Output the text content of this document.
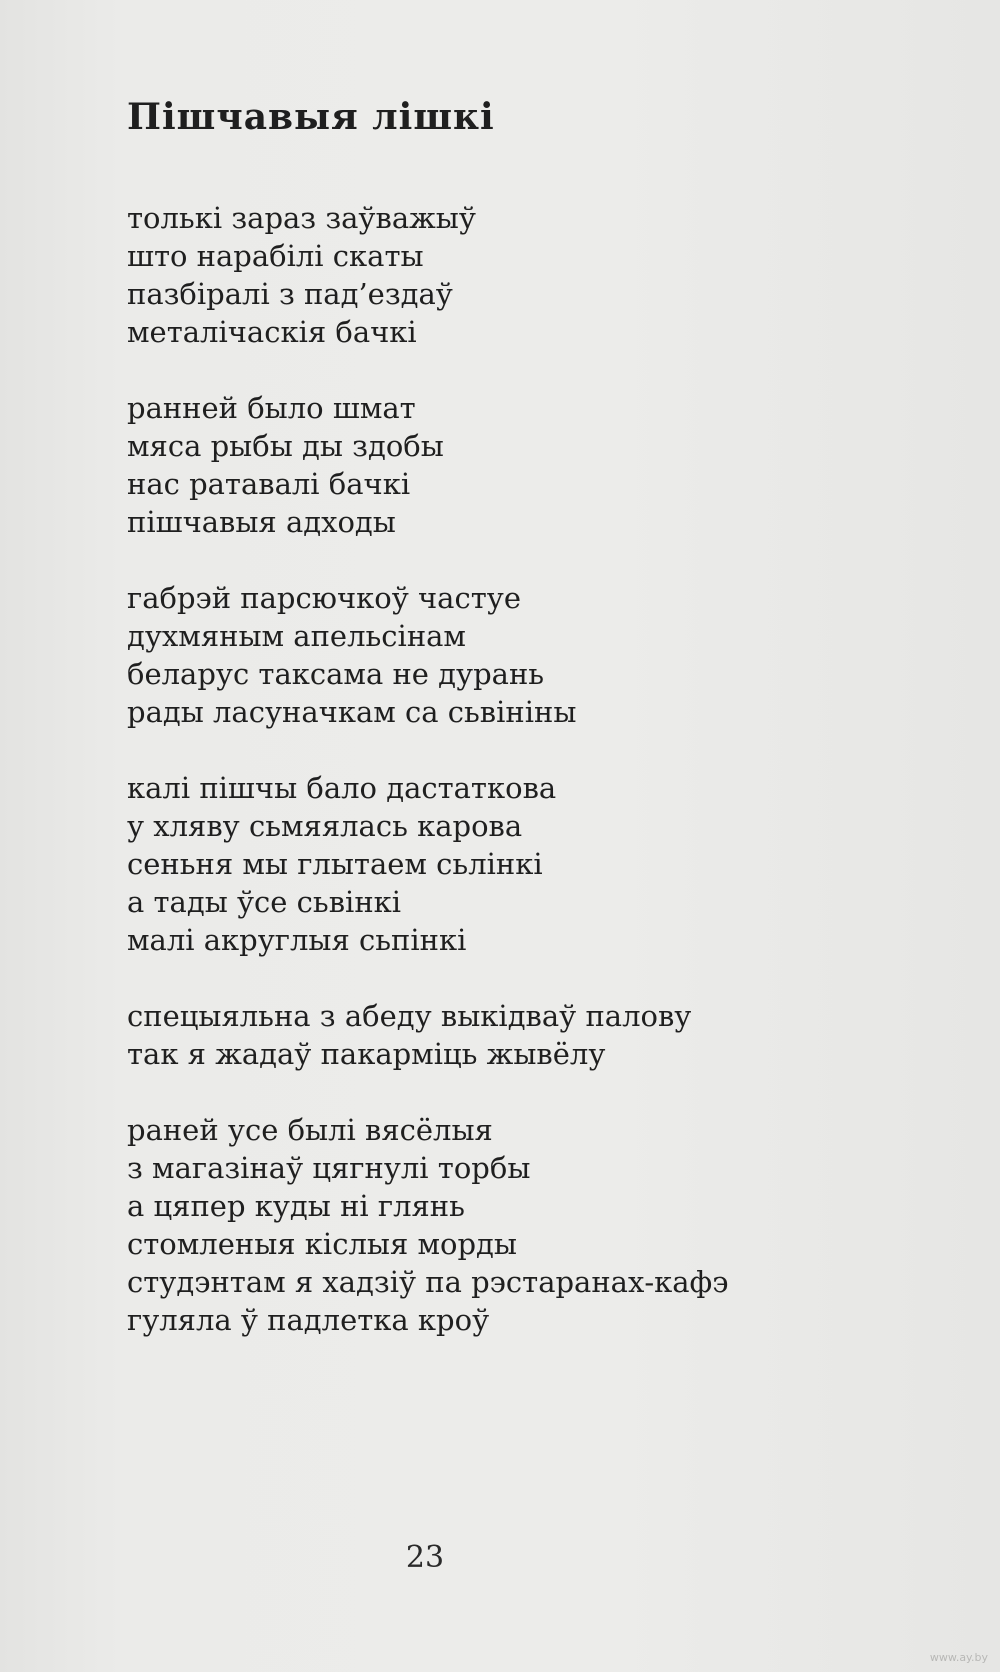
Пішчавыя лішкі
толькі зараз заўважыў
што нарабілі скаты
пазбіралі з пад’ездаў
металічаскія бачкі
ранней было шмат
мяса рыбы ды здобы
нас ратавалі бачкі
пішчавыя адходы
габрэй парсючкоў частуе
духмяным апельсінам
беларус таксама не дурань
рады ласуначкам са сьвініны
калі пішчы бало дастаткова
у хляву сьмяялась карова
сеньня мы глытаем сьлінкі
а тады ўсе сьвінкі
малі акруглыя сьпінкі
спецыяльна з абеду выкідваў палову
так я жадаў пакарміць жывёлу
раней усе былі вясёлыя
з магазінаў цягнулі торбы
а цяпер куды ні глянь
стомленыя кіслыя морды
студэнтам я хадзіў па рэстаранах-кафэ
гуляла ў падлетка кроў
23
www.ay.by
